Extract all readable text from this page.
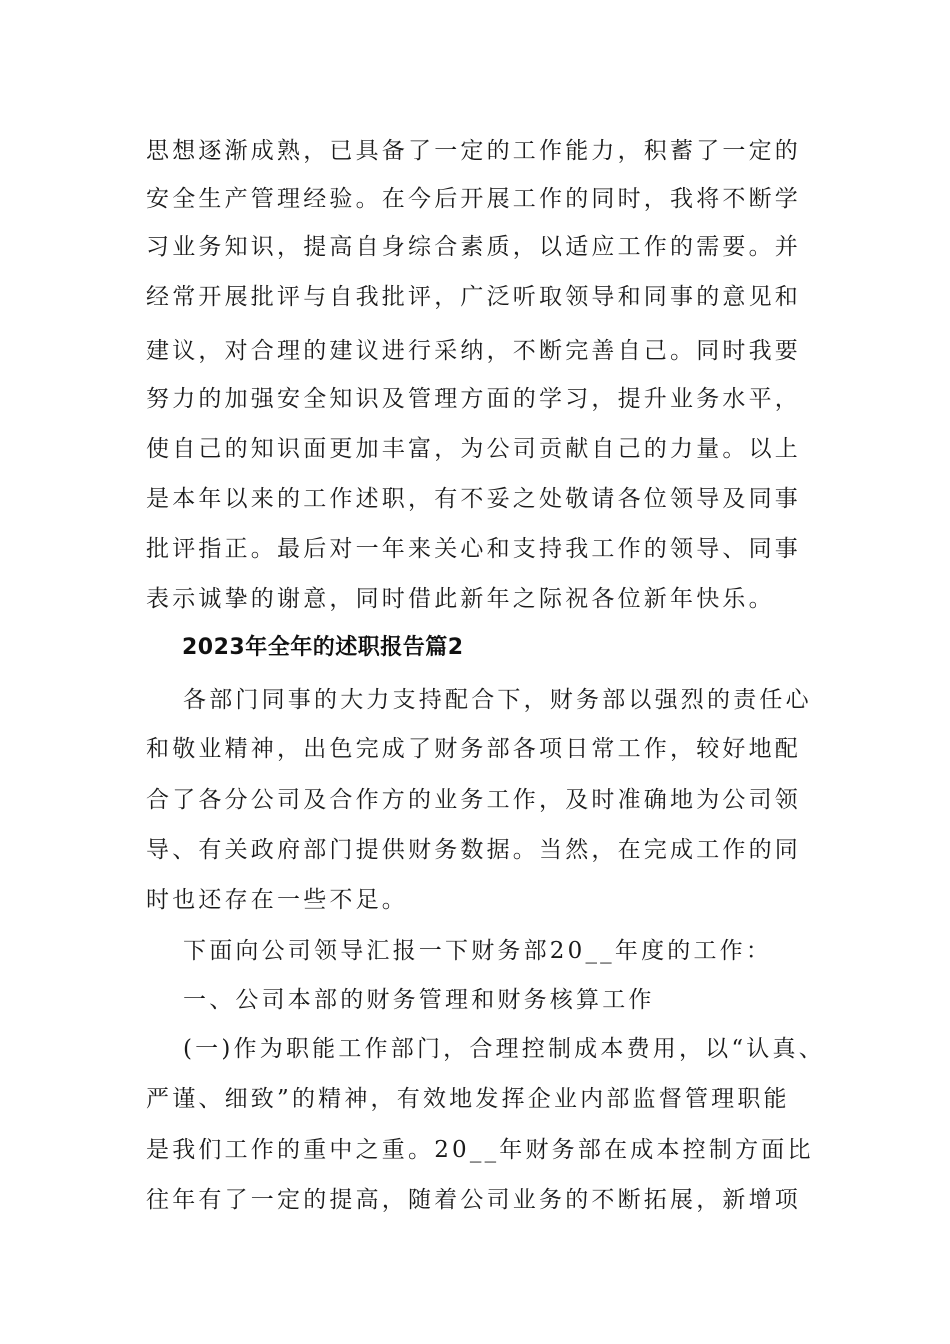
思想逐渐成熟，已具备了一定的工作能力，积蓄了一定的
安全生产管理经验。在今后开展工作的同时，我将不断学
习业务知识，提高自身综合素质，以适应工作的需要。并
经常开展批评与自我批评，广泛听取领导和同事的意见和
建议，对合理的建议进行采纳，不断完善自己。同时我要
努力的加强安全知识及管理方面的学习，提升业务水平，
使自己的知识面更加丰富，为公司贡献自己的力量。以上
是本年以来的工作述职，有不妥之处敬请各位领导及同事
批评指正。最后对一年来关心和支持我工作的领导、同事
表示诚挚的谢意，同时借此新年之际祝各位新年快乐。
2023年全年的述职报告篇2
各部门同事的大力支持配合下，财务部以强烈的责任心
和敬业精神，出色完成了财务部各项日常工作，较好地配
合了各分公司及合作方的业务工作，及时准确地为公司领
导、有关政府部门提供财务数据。当然，在完成工作的同
时也还存在一些不足。
下面向公司领导汇报一下财务部20__年度的工作：
一、公司本部的财务管理和财务核算工作
(一)作为职能工作部门，合理控制成本费用，以“认真、
严谨、细致”的精神，有效地发挥企业内部监督管理职能
是我们工作的重中之重。20__年财务部在成本控制方面比
往年有了一定的提高，随着公司业务的不断拓展，新增项
